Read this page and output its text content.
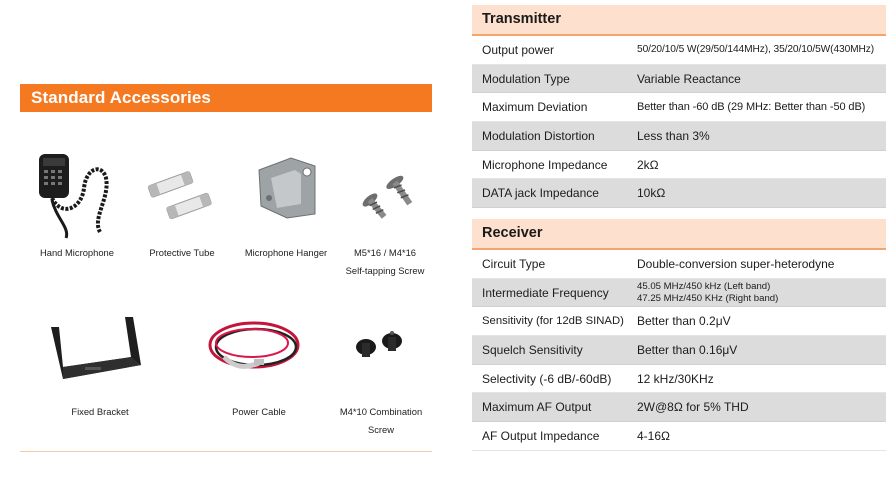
Standard Accessories
Hand Microphone	Protective Tube	Microphone Hanger	M5*16 / M4*16
Self-tapping Screw
Fixed Bracket	Power Cable	M4*10 Combination
Screw
Transmitter
Output power	50/20/10/5 W(29/50/144MHz), 35/20/10/5W(430MHz)
Modulation Type	Variable Reactance
Maximum Deviation	Better than -60 dB (29 MHz: Better than -50 dB)
Modulation Distortion	Less than 3%
Microphone Impedance	2kΩ
DATA jack Impedance	10kΩ
Receiver
Circuit Type	Double-conversion super-heterodyne
Intermediate Frequency	45.05 MHz/450 kHz (Left band)
47.25 MHz/450 KHz (Right band)
Sensitivity (for 12dB SINAD)	Better than 0.2μV
Squelch Sensitivity	Better than 0.16μV
Selectivity (-6 dB/-60dB)	12 kHz/30KHz
Maximum AF Output	2W@8Ω for 5% THD
AF Output Impedance	4-16Ω
